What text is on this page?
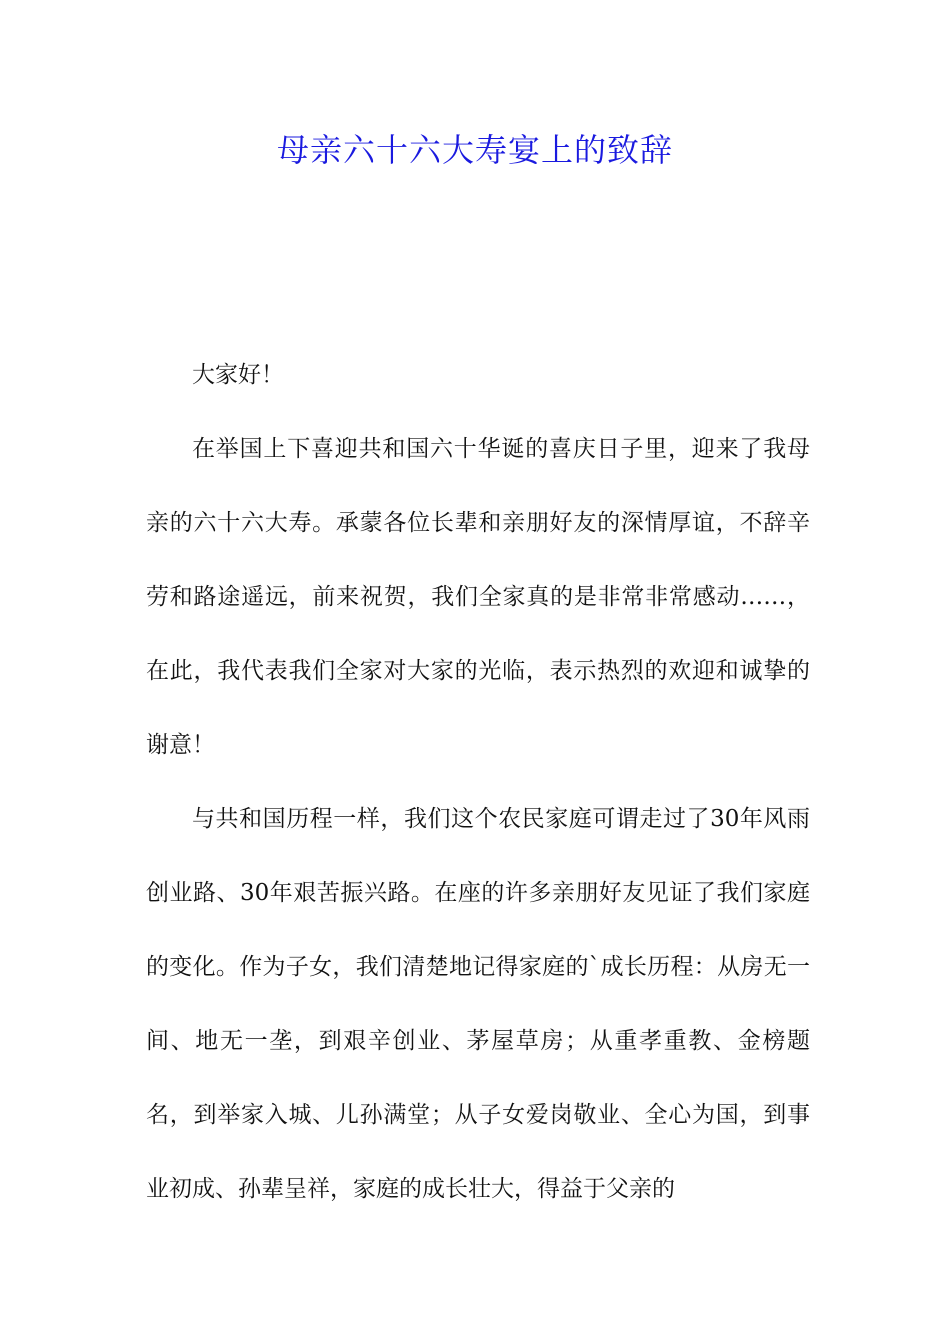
母亲六十六大寿宴上的致辞

大家好！

在举国上下喜迎共和国六十华诞的喜庆日子里，迎来了我母亲的六十六大寿。承蒙各位长辈和亲朋好友的深情厚谊，不辞辛劳和路途遥远，前来祝贺，我们全家真的是非常非常感动……，在此，我代表我们全家对大家的光临，表示热烈的欢迎和诚挚的谢意！

与共和国历程一样，我们这个农民家庭可谓走过了30年风雨创业路、30年艰苦振兴路。在座的许多亲朋好友见证了我们家庭的变化。作为子女，我们清楚地记得家庭的`成长历程：从房无一间、地无一垄，到艰辛创业、茅屋草房；从重孝重教、金榜题名，到举家入城、儿孙满堂；从子女爱岗敬业、全心为国，到事业初成、孙辈呈祥，家庭的成长壮大，得益于父亲的
